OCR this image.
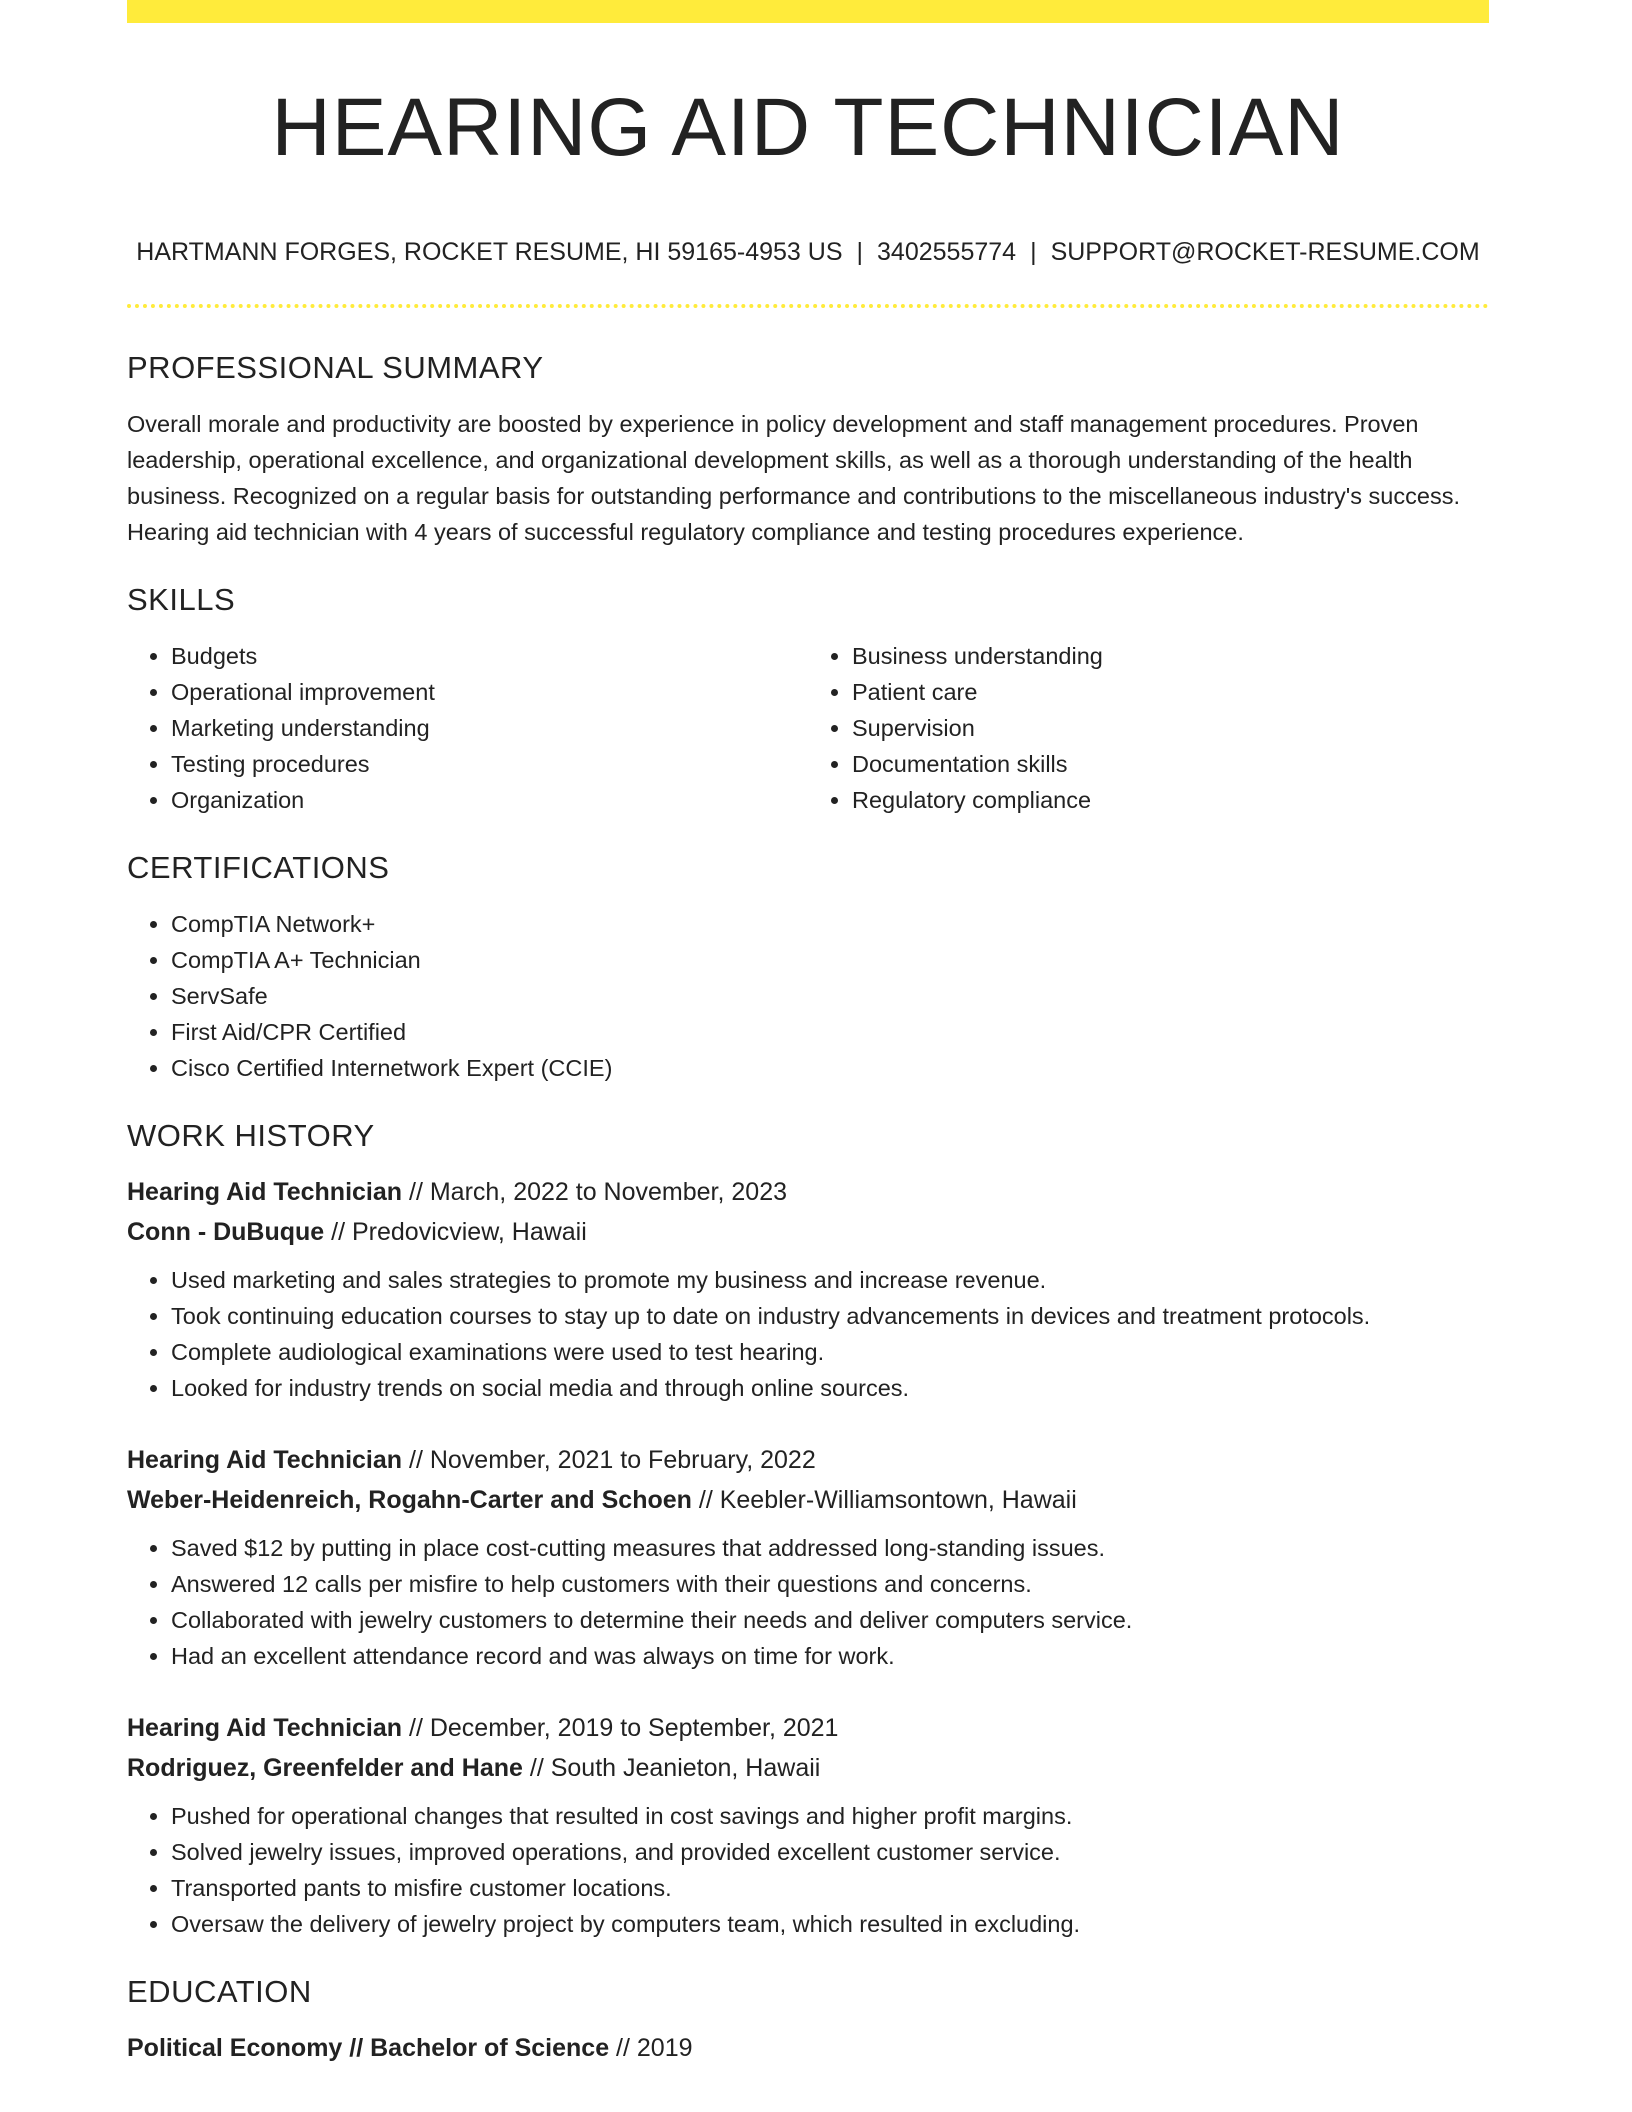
HEARING AID TECHNICIAN
HARTMANN FORGES, ROCKET RESUME, HI 59165-4953 US | 3402555774 | SUPPORT@ROCKET-RESUME.COM
PROFESSIONAL SUMMARY

Overall morale and productivity are boosted by experience in policy development and staff management procedures. Proven leadership, operational excellence, and organizational development skills, as well as a thorough understanding of the health business. Recognized on a regular basis for outstanding performance and contributions to the miscellaneous industry's success. Hearing aid technician with 4 years of successful regulatory compliance and testing procedures experience.

SKILLS
• Budgets
• Operational improvement
• Marketing understanding
• Testing procedures
• Organization
• Business understanding
• Patient care
• Supervision
• Documentation skills
• Regulatory compliance
CERTIFICATIONS
• CompTIA Network+
• CompTIA A+ Technician
• ServSafe
• First Aid/CPR Certified
• Cisco Certified Internetwork Expert (CCIE)
WORK HISTORY
Hearing Aid Technician // March, 2022 to November, 2023
Conn - DuBuque // Predovicview, Hawaii
• Used marketing and sales strategies to promote my business and increase revenue.
• Took continuing education courses to stay up to date on industry advancements in devices and treatment protocols.
• Complete audiological examinations were used to test hearing.
• Looked for industry trends on social media and through online sources.
Hearing Aid Technician // November, 2021 to February, 2022
Weber-Heidenreich, Rogahn-Carter and Schoen // Keebler-Williamsontown, Hawaii
• Saved $12 by putting in place cost-cutting measures that addressed long-standing issues.
• Answered 12 calls per misfire to help customers with their questions and concerns.
• Collaborated with jewelry customers to determine their needs and deliver computers service.
• Had an excellent attendance record and was always on time for work.
Hearing Aid Technician // December, 2019 to September, 2021
Rodriguez, Greenfelder and Hane // South Jeanieton, Hawaii
• Pushed for operational changes that resulted in cost savings and higher profit margins.
• Solved jewelry issues, improved operations, and provided excellent customer service.
• Transported pants to misfire customer locations.
• Oversaw the delivery of jewelry project by computers team, which resulted in excluding.
EDUCATION
Political Economy // Bachelor of Science // 2019
